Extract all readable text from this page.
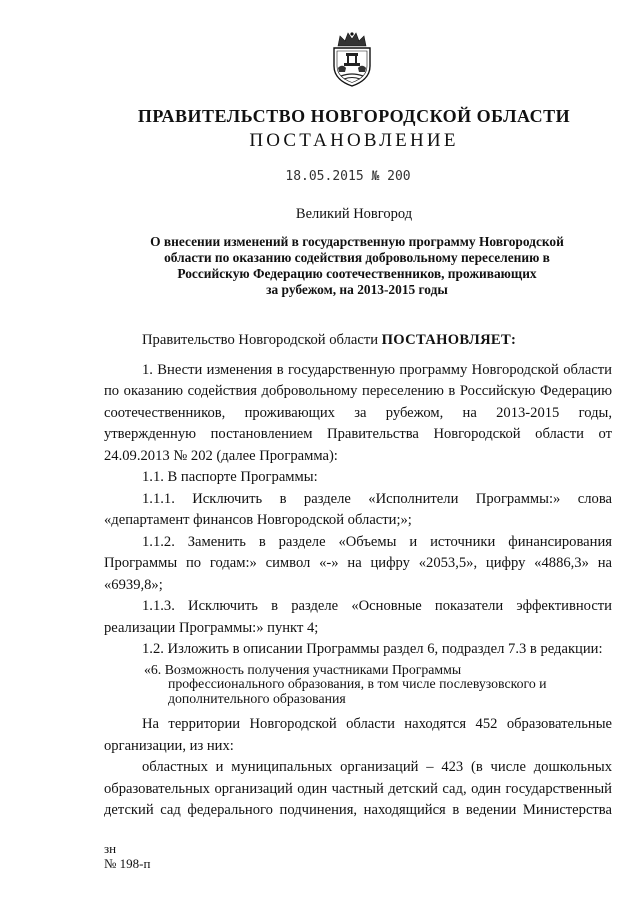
ПРАВИТЕЛЬСТВО НОВГОРОДСКОЙ ОБЛАСТИ
ПОСТАНОВЛЕНИЕ
18.05.2015 № 200
Великий Новгород
О внесении изменений в государственную программу Новгородской
области по оказанию содействия добровольному переселению в
Российскую Федерацию соотечественников, проживающих
за рубежом, на 2013-2015 годы
Правительство Новгородской области ПОСТАНОВЛЯЕТ:

1. Внести изменения в государственную программу Новгородской области по оказанию содействия добровольному переселению в Российскую Федерацию соотечественников, проживающих за рубежом, на 2013-2015 годы, утвержденную постановлением Правительства Новгородской области от 24.09.2013 № 202 (далее Программа):

1.1. В паспорте Программы:

1.1.1. Исключить в разделе «Исполнители Программы:» слова «департамент финансов Новгородской области;»;

1.1.2. Заменить в разделе «Объемы и источники финансирования Программы по годам:» символ «-» на цифру «2053,5», цифру «4886,3» на «6939,8»;

1.1.3. Исключить в разделе «Основные показатели эффективности реализации Программы:» пункт 4;

1.2. Изложить в описании Программы раздел 6, подраздел 7.3 в редакции:

«6. Возможность получения участниками Программы
профессионального образования, в том числе послевузовского и
дополнительного образования

На территории Новгородской области находятся 452 образовательные организации, из них:

областных и муниципальных организаций – 423 (в числе дошкольных образовательных организаций один частный детский сад, один государственный детский сад федерального подчинения, находящийся в ведении Министерства

зн
№ 198-п
